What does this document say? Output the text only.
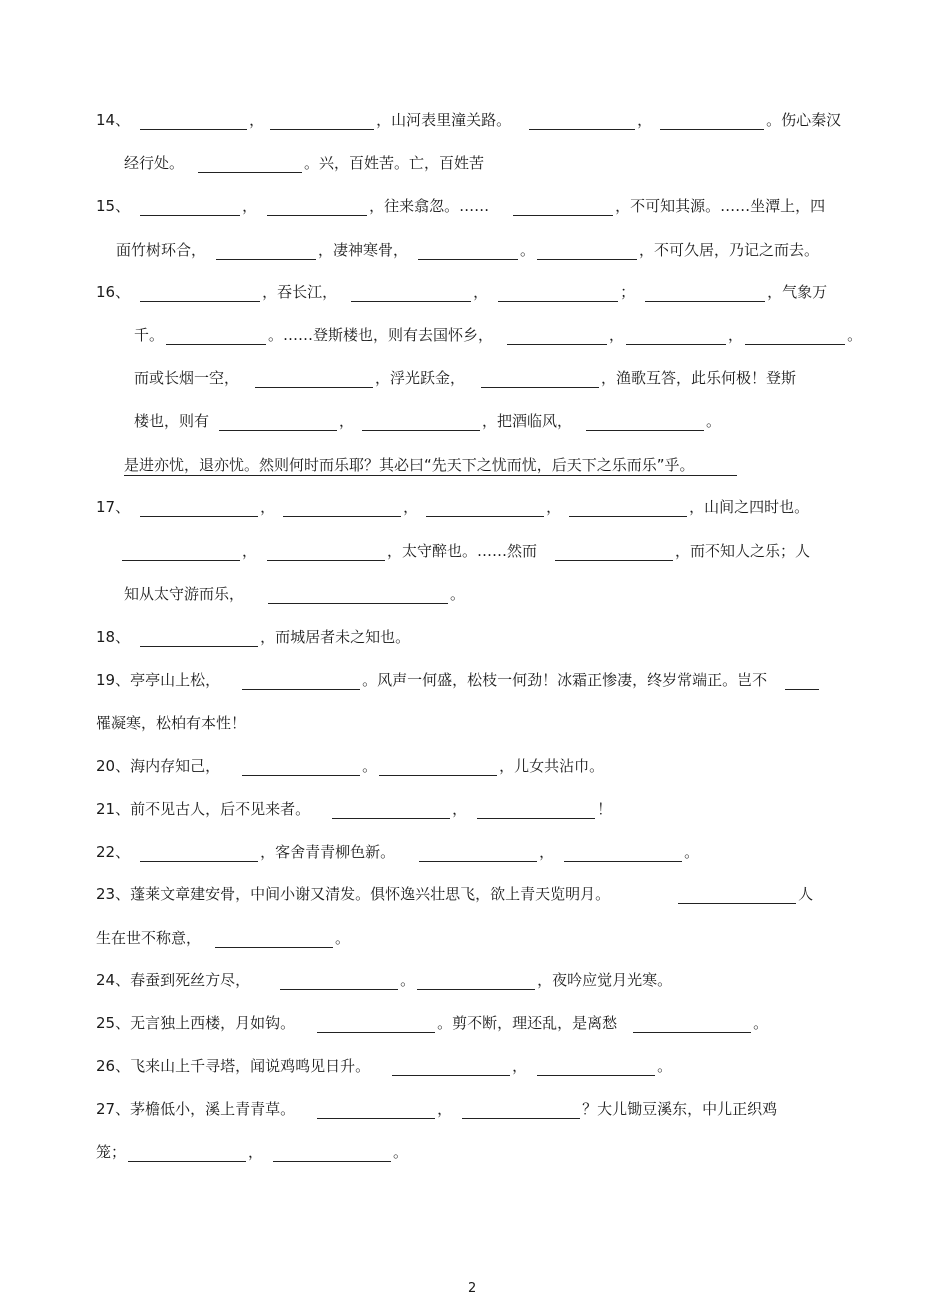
14、	，	，山河表里潼关路。	，	。伤心秦汉
经行处。	。兴，百姓苦。亡，百姓苦
15、	，	，往来翕忽。……	，不可知其源。……坐潭上，四
面竹树环合，	，凄神寒骨，	。	，不可久居，乃记之而去。
16、	，吞长江，	，	；	，气象万
千。	。……登斯楼也，则有去国怀乡，	，	，	。
而或长烟一空，	，浮光跃金，	，渔歌互答，此乐何极！登斯
楼也，则有	，	，把酒临风，	。
是进亦忧，退亦忧。然则何时而乐耶？其必曰“先天下之忧而忧，后天下之乐而乐”乎。
17、	，	，	，	，山间之四时也。
，	，太守醉也。……然而	，而不知人之乐；人
知从太守游而乐，	。
18、	，而城居者未之知也。
19、亭亭山上松，	。风声一何盛，松枝一何劲！冰霜正惨凄，终岁常端正。岂不
罹凝寒，松柏有本性！
20、海内存知己，	。	，儿女共沾巾。
21、前不见古人，后不见来者。	，	！
22、	，客舍青青柳色新。	，	。
23、蓬莱文章建安骨，中间小谢又清发。俱怀逸兴壮思飞，欲上青天览明月。	人
生在世不称意，	。
24、春蚕到死丝方尽，	。	，夜吟应觉月光寒。
25、无言独上西楼，月如钩。	。剪不断，理还乱，是离愁	。
26、飞来山上千寻塔，闻说鸡鸣见日升。	，	。
27、茅檐低小，溪上青青草。	，	？大儿锄豆溪东，中儿正织鸡
笼；	，	。
2
